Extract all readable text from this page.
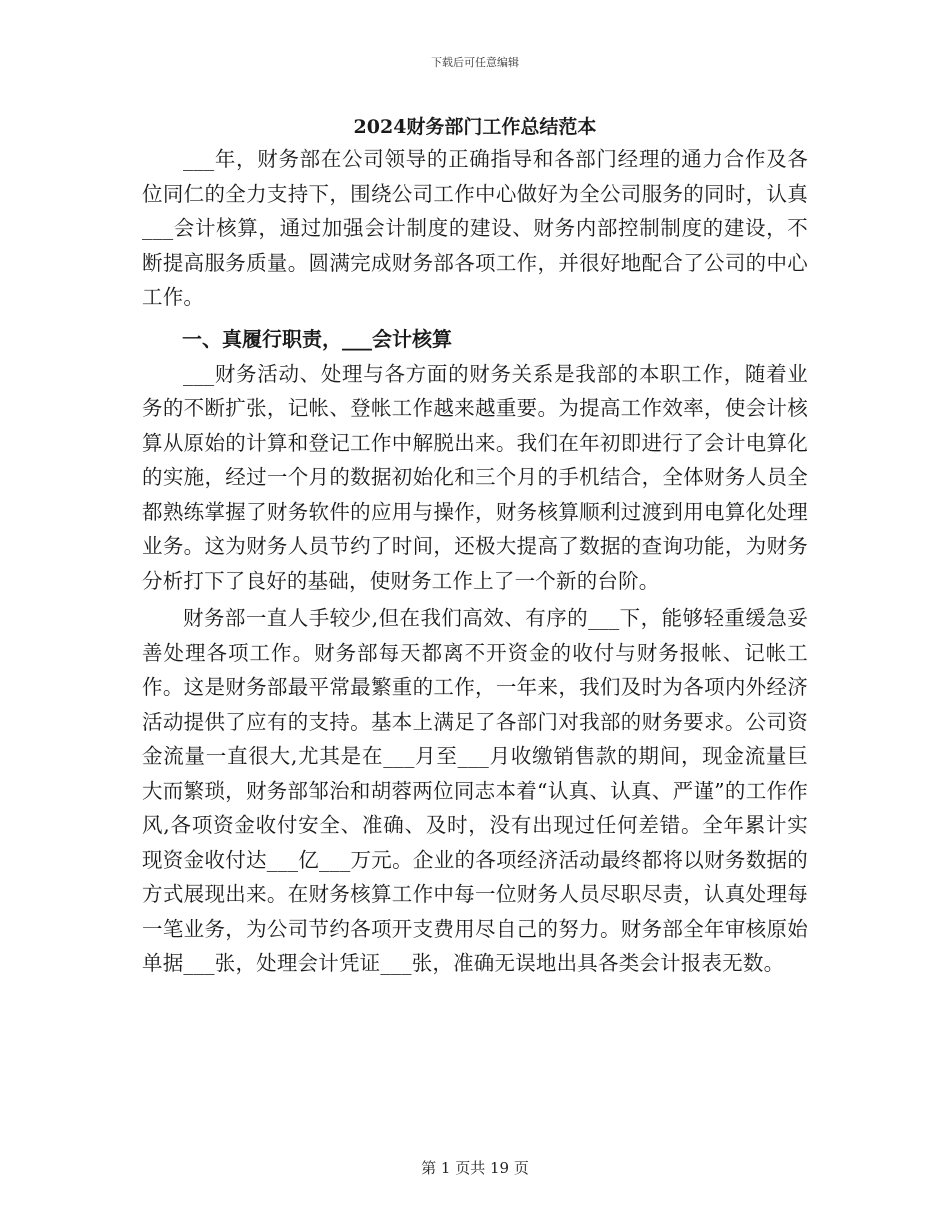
下载后可任意编辑
2024财务部门工作总结范本

___年，财务部在公司领导的正确指导和各部门经理的通力合作及各位同仁的全力支持下，围绕公司工作中心做好为全公司服务的同时，认真___会计核算，通过加强会计制度的建设、财务内部控制制度的建设，不断提高服务质量。圆满完成财务部各项工作，并很好地配合了公司的中心工作。

一、真履行职责，___会计核算

___财务活动、处理与各方面的财务关系是我部的本职工作，随着业务的不断扩张，记帐、登帐工作越来越重要。为提高工作效率，使会计核算从原始的计算和登记工作中解脱出来。我们在年初即进行了会计电算化的实施，经过一个月的数据初始化和三个月的手机结合，全体财务人员全都熟练掌握了财务软件的应用与操作，财务核算顺利过渡到用电算化处理业务。这为财务人员节约了时间，还极大提高了数据的查询功能，为财务分析打下了良好的基础，使财务工作上了一个新的台阶。

财务部一直人手较少,但在我们高效、有序的___下，能够轻重缓急妥善处理各项工作。财务部每天都离不开资金的收付与财务报帐、记帐工作。这是财务部最平常最繁重的工作，一年来，我们及时为各项内外经济活动提供了应有的支持。基本上满足了各部门对我部的财务要求。公司资金流量一直很大,尤其是在___月至___月收缴销售款的期间，现金流量巨大而繁琐，财务部邹治和胡蓉两位同志本着“认真、认真、严谨”的工作作风,各项资金收付安全、准确、及时，没有出现过任何差错。全年累计实现资金收付达___亿___万元。企业的各项经济活动最终都将以财务数据的方式展现出来。在财务核算工作中每一位财务人员尽职尽责，认真处理每一笔业务，为公司节约各项开支费用尽自己的努力。财务部全年审核原始单据___张，处理会计凭证___张，准确无误地出具各类会计报表无数。

第 1 页共 19 页
